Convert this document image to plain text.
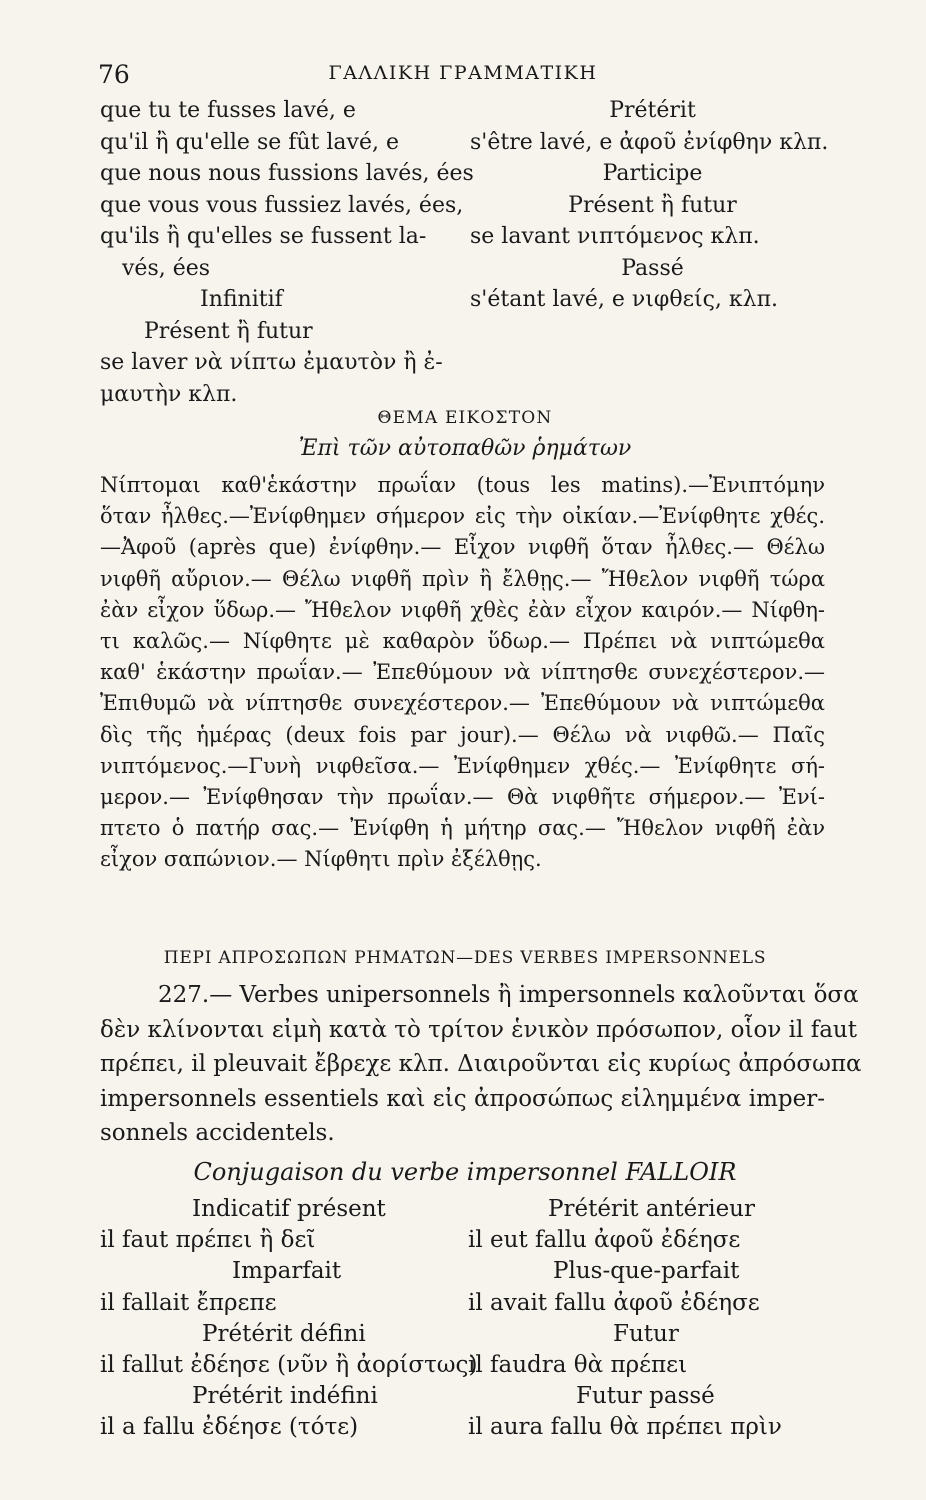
76	ΓΑΛΛΙΚΗ ΓΡΑΜΜΑΤΙΚΗ
que tu te fusses lavé, e
qu'il ἢ qu'elle se fût lavé, e
que nous nous fussions lavés, ées
que vous vous fussiez lavés, ées,
qu'ils ἢ qu'elles se fussent la-
vés, ées
Infinitif
Présent ἢ futur
se laver νὰ νίπτω ἐμαυτὸν ἢ ἐ-
μαυτὴν κλπ.
Prétérit
s'être lavé, e ἀφοῦ ἐνίφθην κλπ.
Participe
Présent ἢ futur
se lavant νιπτόμενος κλπ.
Passé
s'étant lavé, e νιφθείς, κλπ.
ΘΕΜΑ ΕΙΚΟΣΤΟΝ
Ἐπὶ τῶν αὐτοπαθῶν ῥημάτων
Νίπτομαι καθ'ἑκάστην πρωΐαν (tous les matins).—Ἐνιπτόμην
ὅταν ἦλθες.—Ἐνίφθημεν σήμερον εἰς τὴν οἰκίαν.—Ἐνίφθητε χθές.
—Ἀφοῦ (après que) ἐνίφθην.— Εἶχον νιφθῆ ὅταν ἦλθες.— Θέλω
νιφθῆ αὔριον.— Θέλω νιφθῆ πρὶν ἢ ἔλθῃς.— Ἤθελον νιφθῆ τώρα
ἐὰν εἶχον ὕδωρ.— Ἤθελον νιφθῆ χθὲς ἐὰν εἶχον καιρόν.— Νίφθη-
τι καλῶς.— Νίφθητε μὲ καθαρὸν ὕδωρ.— Πρέπει νὰ νιπτώμεθα
καθ' ἑκάστην πρωΐαν.— Ἐπεθύμουν νὰ νίπτησθε συνεχέστερον.—
Ἐπιθυμῶ νὰ νίπτησθε συνεχέστερον.— Ἐπεθύμουν νὰ νιπτώμεθα
δὶς τῆς ἡμέρας (deux fois par jour).— Θέλω νὰ νιφθῶ.— Παῖς
νιπτόμενος.—Γυνὴ νιφθεῖσα.— Ἐνίφθημεν χθές.— Ἐνίφθητε σή-
μερον.— Ἐνίφθησαν τὴν πρωΐαν.— Θὰ νιφθῆτε σήμερον.— Ἐνί-
πτετο ὁ πατήρ σας.— Ἐνίφθη ἡ μήτηρ σας.— Ἤθελον νιφθῆ ἐὰν
εἶχον σαπώνιον.— Νίφθητι πρὶν ἐξέλθῃς.
ΠΕΡΙ ΑΠΡΟΣΩΠΩΝ ΡΗΜΑΤΩΝ—DES VERBES IMPERSONNELS
227.— Verbes unipersonnels ἢ impersonnels καλοῦνται ὅσα
δὲν κλίνονται εἰμὴ κατὰ τὸ τρίτον ἑνικὸν πρόσωπον, οἷον il faut
πρέπει, il pleuvait ἔβρεχε κλπ. Διαιροῦνται εἰς κυρίως ἀπρόσωπα
impersonnels essentiels καὶ εἰς ἀπροσώπως εἰλημμένα imper-
sonnels accidentels.
Conjugaison du verbe impersonnel FALLOIR
Indicatif présent
il faut πρέπει ἢ δεῖ
Imparfait
il fallait ἔπρεπε
Prétérit défini
il fallut ἐδέησε (νῦν ἢ ἀορίστως)
Prétérit indéfini
il a fallu ἐδέησε (τότε)
Prétérit antérieur
il eut fallu ἀφοῦ ἐδέησε
Plus-que-parfait
il avait fallu ἀφοῦ ἐδέησε
Futur
il faudra θὰ πρέπει
Futur passé
il aura fallu θὰ πρέπει πρὶν
